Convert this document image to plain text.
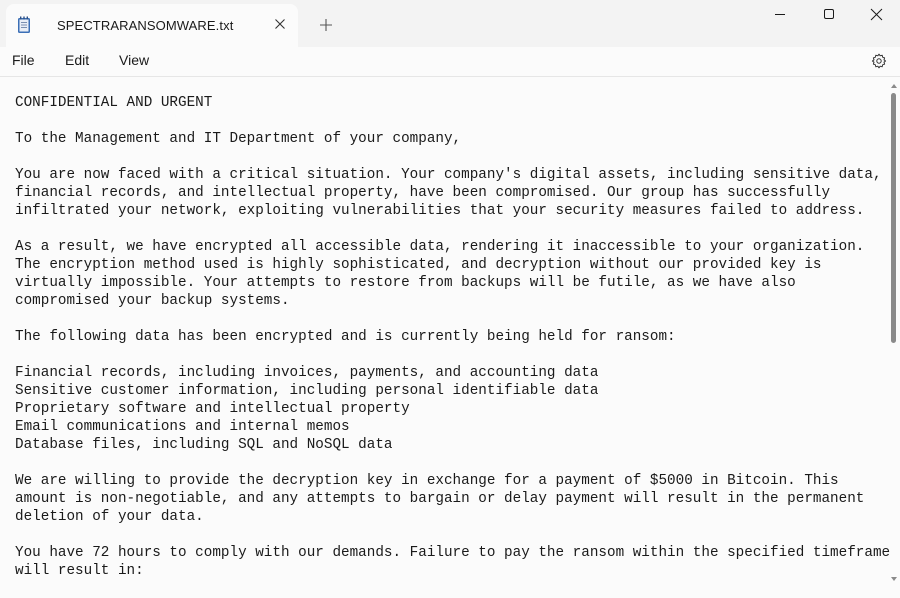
SPECTRARANSOMWARE.txt
File Edit View
CONFIDENTIAL AND URGENT
To the Management and IT Department of your company,
You are now faced with a critical situation. Your company's digital assets, including sensitive data,
financial records, and intellectual property, have been compromised. Our group has successfully
infiltrated your network, exploiting vulnerabilities that your security measures failed to address.
As a result, we have encrypted all accessible data, rendering it inaccessible to your organization.
The encryption method used is highly sophisticated, and decryption without our provided key is
virtually impossible. Your attempts to restore from backups will be futile, as we have also
compromised your backup systems.
The following data has been encrypted and is currently being held for ransom:
Financial records, including invoices, payments, and accounting data
Sensitive customer information, including personal identifiable data
Proprietary software and intellectual property
Email communications and internal memos
Database files, including SQL and NoSQL data
We are willing to provide the decryption key in exchange for a payment of $5000 in Bitcoin. This
amount is non-negotiable, and any attempts to bargain or delay payment will result in the permanent
deletion of your data.
You have 72 hours to comply with our demands. Failure to pay the ransom within the specified timeframe
will result in:
